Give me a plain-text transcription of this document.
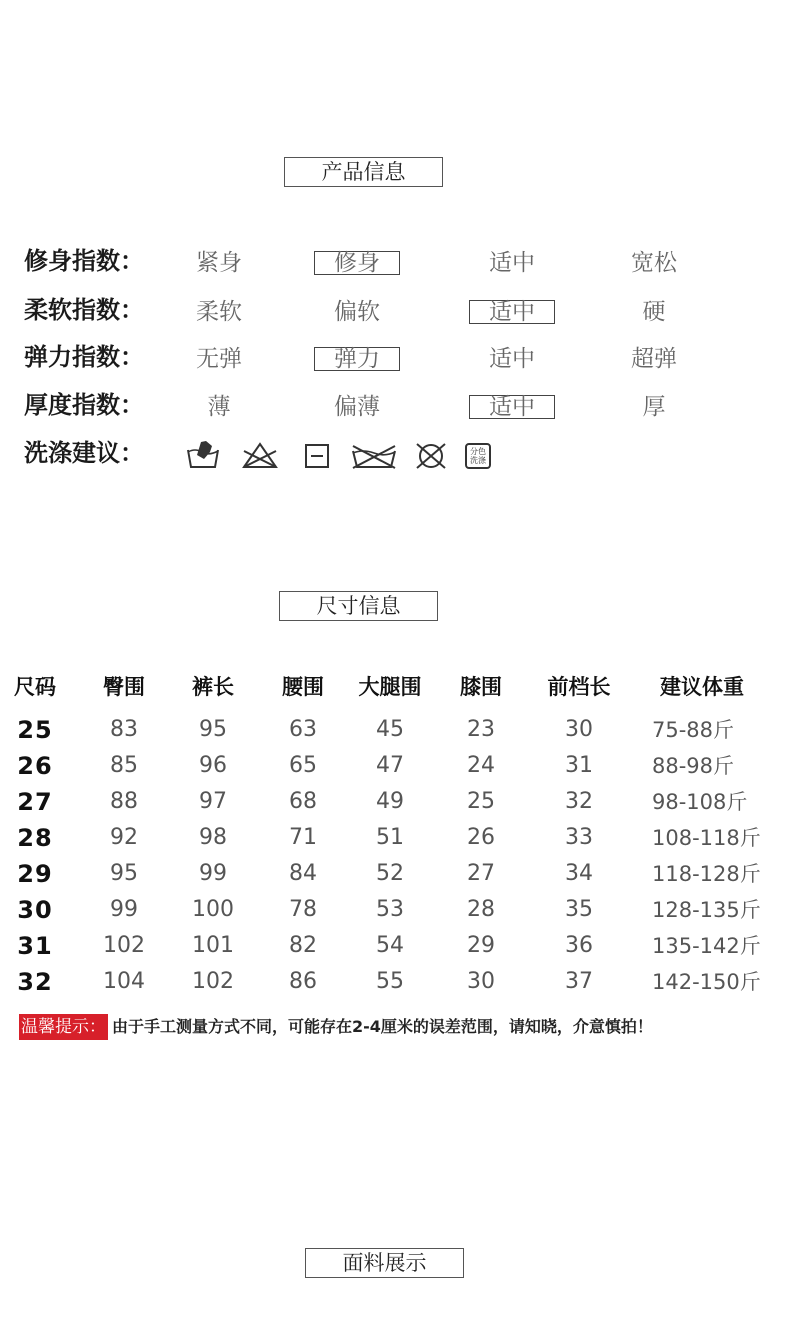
产品信息
修身指数：	紧身	修身	适中	宽松
柔软指数：	柔软	偏软	适中	硬
弹力指数：	无弹	弹力	适中	超弹
厚度指数：	薄	偏薄	适中	厚
洗涤建议：	分色
洗涤
尺寸信息
尺码	臀围	裤长	腰围	大腿围	膝围	前档长	建议体重
25	83	95	63	45	23	30	75-88斤
26	85	96	65	47	24	31	88-98斤
27	88	97	68	49	25	32	98-108斤
28	92	98	71	51	26	33	108-118斤
29	95	99	84	52	27	34	118-128斤
30	99	100	78	53	28	35	128-135斤
31	102	101	82	54	29	36	135-142斤
32	104	102	86	55	30	37	142-150斤
温馨提示： 由于手工测量方式不同，可能存在2-4厘米的误差范围，请知晓，介意慎拍！
面料展示
